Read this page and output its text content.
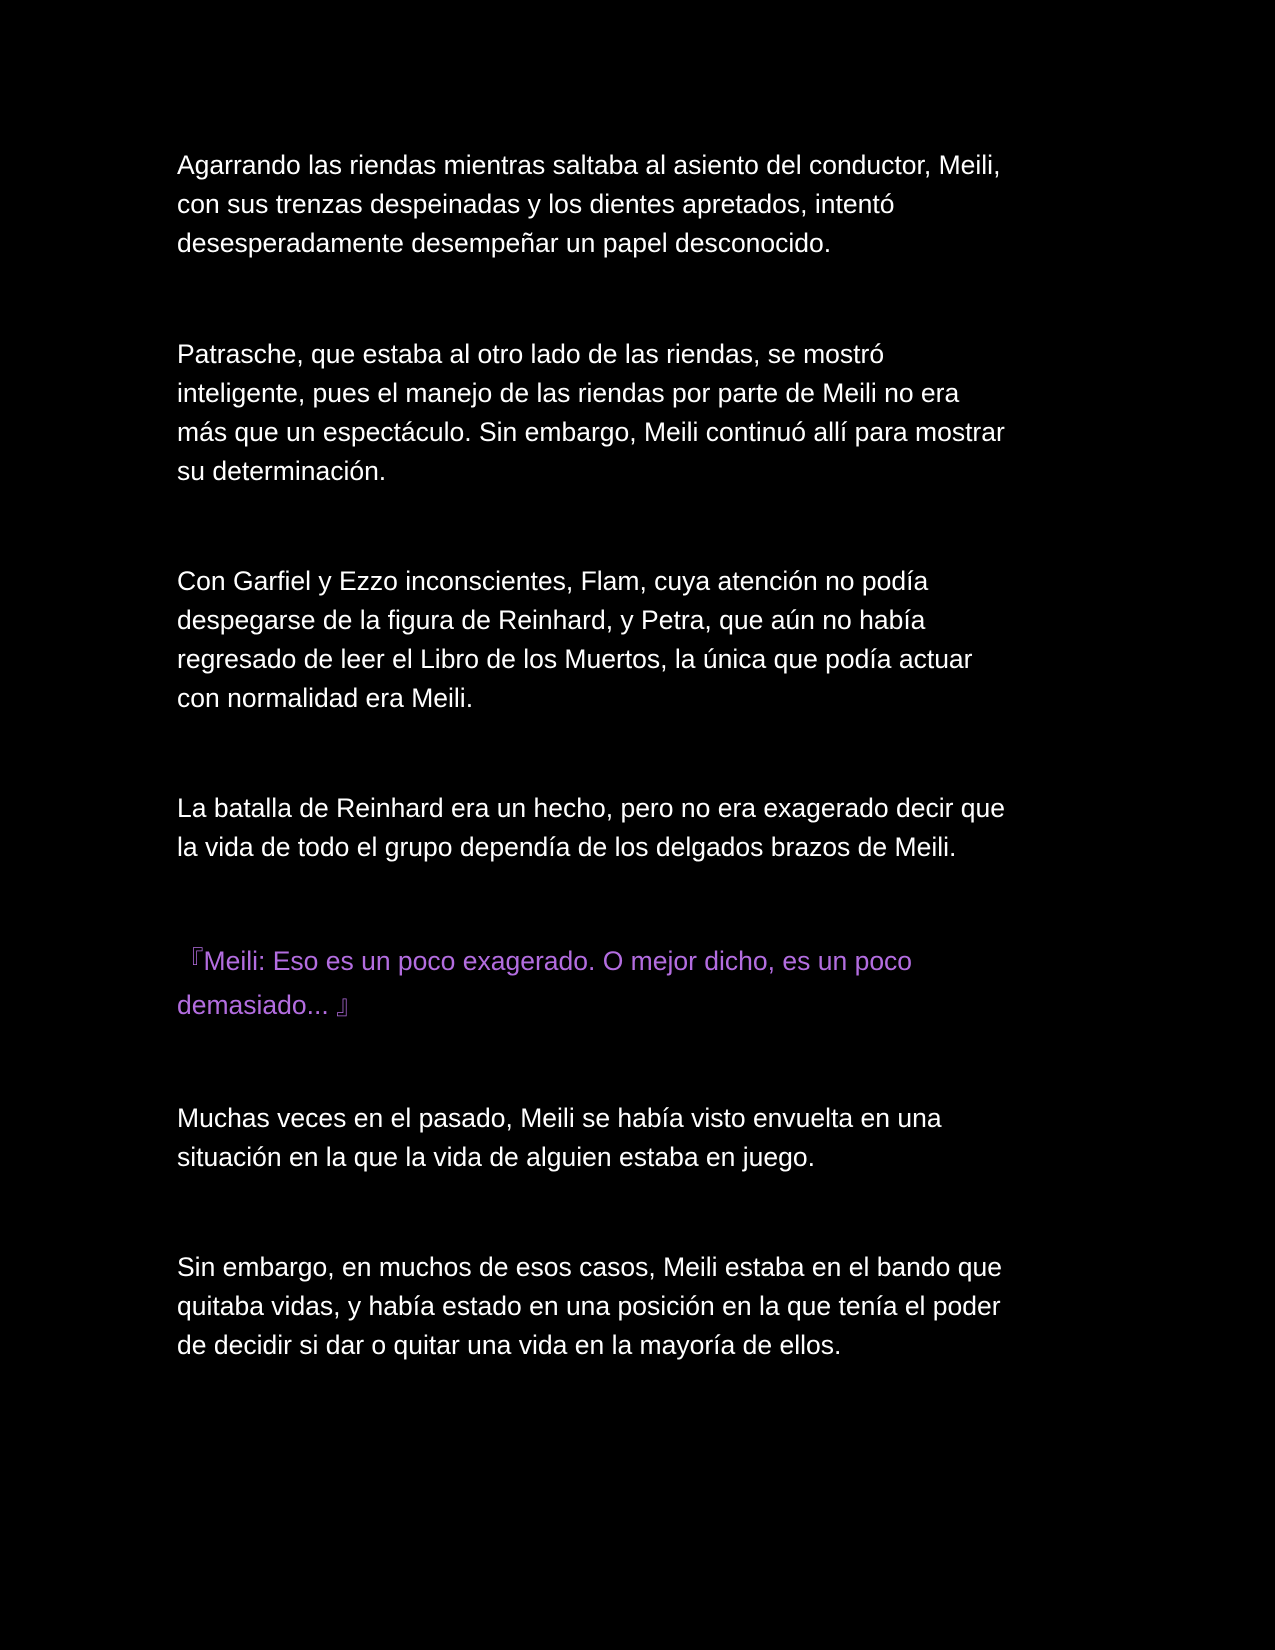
Agarrando las riendas mientras saltaba al asiento del conductor, Meili,
con sus trenzas despeinadas y los dientes apretados, intentó
desesperadamente desempeñar un papel desconocido.

Patrasche, que estaba al otro lado de las riendas, se mostró
inteligente, pues el manejo de las riendas por parte de Meili no era
más que un espectáculo. Sin embargo, Meili continuó allí para mostrar
su determinación.

Con Garfiel y Ezzo inconscientes, Flam, cuya atención no podía
despegarse de la figura de Reinhard, y Petra, que aún no había
regresado de leer el Libro de los Muertos, la única que podía actuar
con normalidad era Meili.

La batalla de Reinhard era un hecho, pero no era exagerado decir que
la vida de todo el grupo dependía de los delgados brazos de Meili.

『Meili: Eso es un poco exagerado. O mejor dicho, es un poco
demasiado... 』

Muchas veces en el pasado, Meili se había visto envuelta en una
situación en la que la vida de alguien estaba en juego.

Sin embargo, en muchos de esos casos, Meili estaba en el bando que
quitaba vidas, y había estado en una posición en la que tenía el poder
de decidir si dar o quitar una vida en la mayoría de ellos.
